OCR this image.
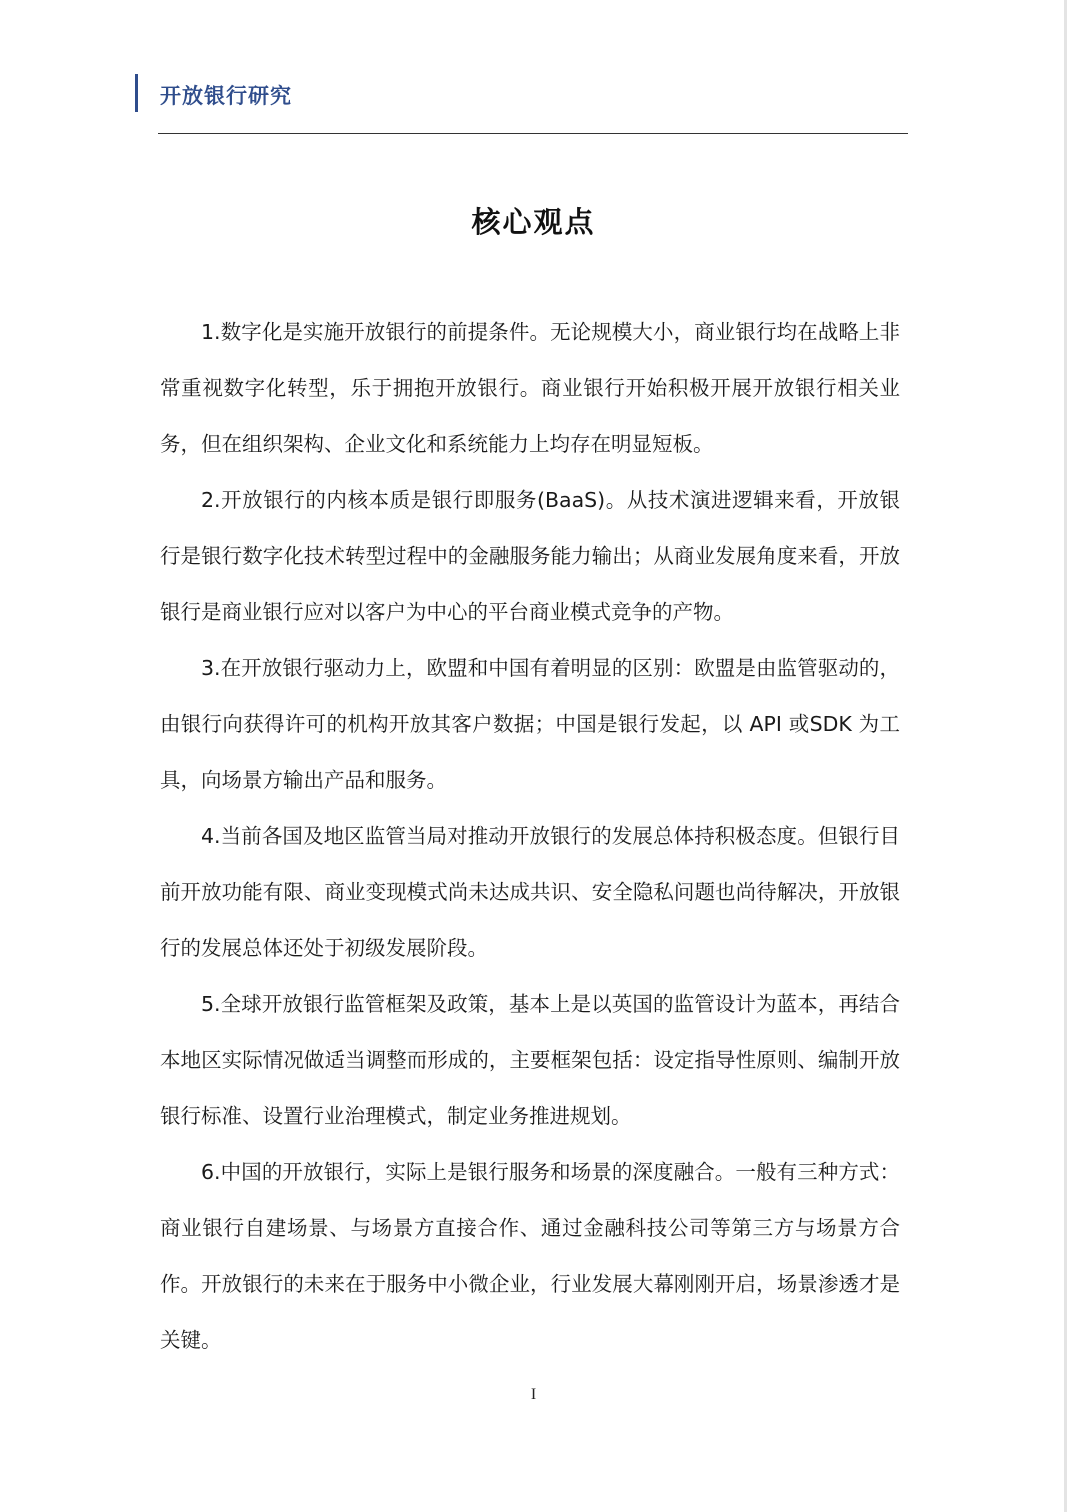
开放银行研究
核心观点

1.数字化是实施开放银行的前提条件。无论规模大小，商业银行均在战略上非常重视数字化转型，乐于拥抱开放银行。商业银行开始积极开展开放银行相关业务，但在组织架构、企业文化和系统能力上均存在明显短板。

2.开放银行的内核本质是银行即服务(BaaS)。从技术演进逻辑来看，开放银行是银行数字化技术转型过程中的金融服务能力输出；从商业发展角度来看，开放银行是商业银行应对以客户为中心的平台商业模式竞争的产物。

3.在开放银行驱动力上，欧盟和中国有着明显的区别：欧盟是由监管驱动的，由银行向获得许可的机构开放其客户数据；中国是银行发起，以 API 或SDK 为工具，向场景方输出产品和服务。

4.当前各国及地区监管当局对推动开放银行的发展总体持积极态度。但银行目前开放功能有限、商业变现模式尚未达成共识、安全隐私问题也尚待解决，开放银行的发展总体还处于初级发展阶段。

5.全球开放银行监管框架及政策，基本上是以英国的监管设计为蓝本，再结合本地区实际情况做适当调整而形成的，主要框架包括：设定指导性原则、编制开放银行标准、设置行业治理模式，制定业务推进规划。

6.中国的开放银行，实际上是银行服务和场景的深度融合。一般有三种方式：商业银行自建场景、与场景方直接合作、通过金融科技公司等第三方与场景方合作。开放银行的未来在于服务中小微企业，行业发展大幕刚刚开启，场景渗透才是关键。

I
